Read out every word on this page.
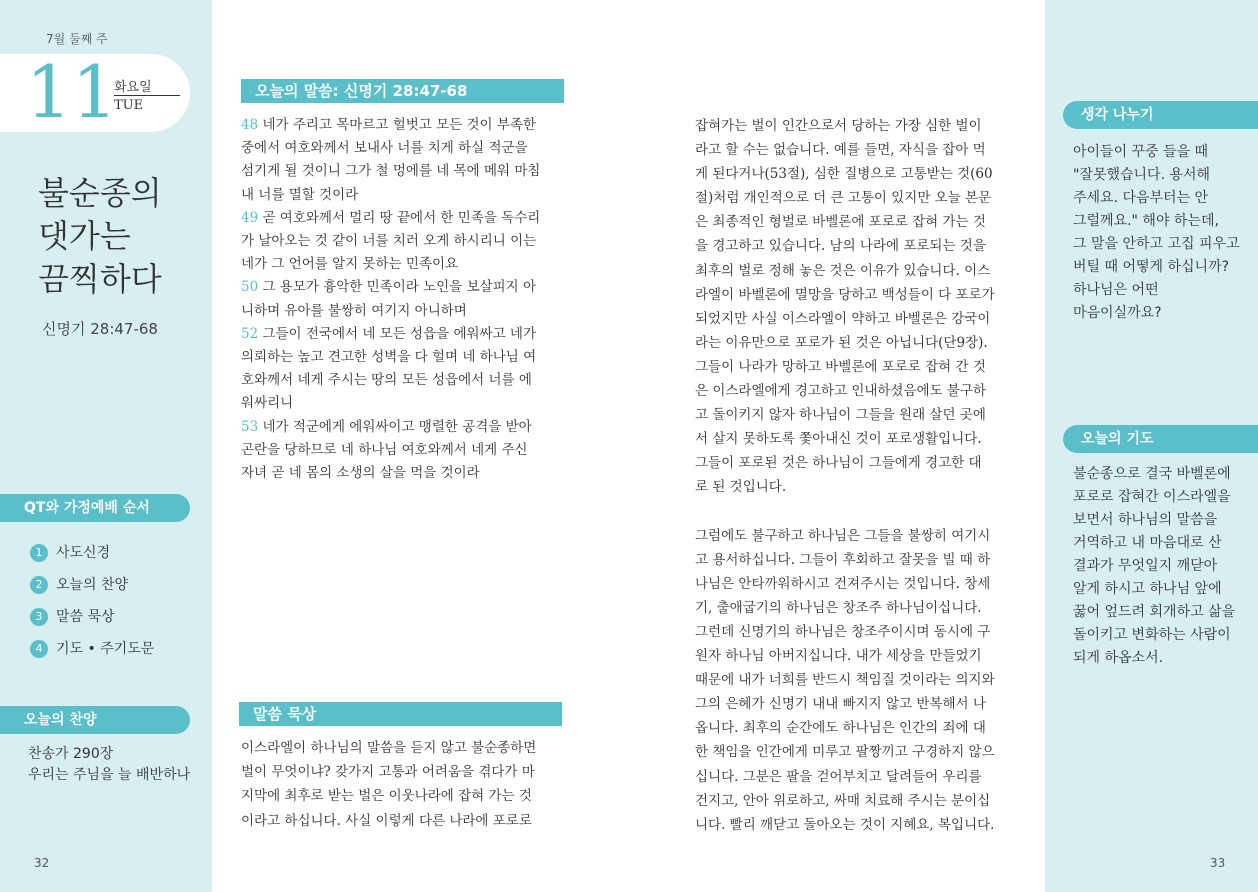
7월 둘째 주
11
화요일
TUE
불순종의
댓가는
끔찍하다
신명기 28:47-68
QT와 가정예배 순서
1 사도신경
2 오늘의 찬양
3 말씀 묵상
4 기도 • 주기도문
오늘의 찬양
찬송가 290장
우리는 주님을 늘 배반하나
32
오늘의 말씀: 신명기 28:47-68
48 네가 주리고 목마르고 헐벗고 모든 것이 부족한
중에서 여호와께서 보내사 너를 치게 하실 적군을
섬기게 될 것이니 그가 철 멍에를 네 목에 메워 마침
내 너를 멸할 것이라
49 곧 여호와께서 멀리 땅 끝에서 한 민족을 독수리
가 날아오는 것 같이 너를 치러 오게 하시리니 이는
네가 그 언어를 알지 못하는 민족이요
50 그 용모가 흉악한 민족이라 노인을 보살피지 아
니하며 유아를 불쌍히 여기지 아니하며
52 그들이 전국에서 네 모든 성읍을 에워싸고 네가
의뢰하는 높고 견고한 성벽을 다 헐며 네 하나님 여
호와께서 네게 주시는 땅의 모든 성읍에서 너를 에
워싸리니
53 네가 적군에게 에워싸이고 맹렬한 공격을 받아
곤란을 당하므로 네 하나님 여호와께서 네게 주신
자녀 곧 네 몸의 소생의 살을 먹을 것이라
말씀 묵상
이스라엘이 하나님의 말씀을 듣지 않고 불순종하면
벌이 무엇이냐? 갖가지 고통과 어려움을 겪다가 마
지막에 최후로 받는 벌은 이웃나라에 잡혀 가는 것
이라고 하십니다. 사실 이렇게 다른 나라에 포로로
잡혀가는 벌이 인간으로서 당하는 가장 심한 벌이
라고 할 수는 없습니다. 예를 들면, 자식을 잡아 먹
게 된다거나(53절), 심한 질병으로 고통받는 것(60
절)처럼 개인적으로 더 큰 고통이 있지만 오늘 본문
은 최종적인 형벌로 바벨론에 포로로 잡혀 가는 것
을 경고하고 있습니다. 남의 나라에 포로되는 것을
최후의 벌로 정해 놓은 것은 이유가 있습니다. 이스
라엘이 바벨론에 멸망을 당하고 백성들이 다 포로가
되었지만 사실 이스라엘이 약하고 바벨론은 강국이
라는 이유만으로 포로가 된 것은 아닙니다(단9장).
그들이 나라가 망하고 바벨론에 포로로 잡혀 간 것
은 이스라엘에게 경고하고 인내하셨음에도 불구하
고 돌이키지 않자 하나님이 그들을 원래 살던 곳에
서 살지 못하도록 쫓아내신 것이 포로생활입니다.
그들이 포로된 것은 하나님이 그들에게 경고한 대
로 된 것입니다.
그럼에도 불구하고 하나님은 그들을 불쌍히 여기시
고 용서하십니다. 그들이 후회하고 잘못을 빌 때 하
나님은 안타까워하시고 건져주시는 것입니다. 창세
기, 출애굽기의 하나님은 창조주 하나님이십니다.
그런데 신명기의 하나님은 창조주이시며 동시에 구
원자 하나님 아버지십니다. 내가 세상을 만들었기
때문에 내가 너희를 반드시 책임질 것이라는 의지와
그의 은혜가 신명기 내내 빠지지 않고 반복해서 나
옵니다. 최후의 순간에도 하나님은 인간의 죄에 대
한 책임을 인간에게 미루고 팔짱끼고 구경하지 않으
십니다. 그분은 팔을 걷어부치고 달려들어 우리를
건지고, 안아 위로하고, 싸매 치료해 주시는 분이십
니다. 빨리 깨닫고 돌아오는 것이 지혜요, 복입니다.
생각 나누기
아이들이 꾸중 들을 때
"잘못했습니다. 용서해
주세요. 다음부터는 안
그럴께요." 해야 하는데,
그 말을 안하고 고집 피우고
버틸 때 어떻게 하십니까?
하나님은 어떤
마음이실까요?
오늘의 기도
불순종으로 결국 바벨론에
포로로 잡혀간 이스라엘을
보면서 하나님의 말씀을
거역하고 내 마음대로 산
결과가 무엇일지 깨닫아
알게 하시고 하나님 앞에
꿇어 엎드려 회개하고 삶을
돌이키고 변화하는 사람이
되게 하옵소서.
33
